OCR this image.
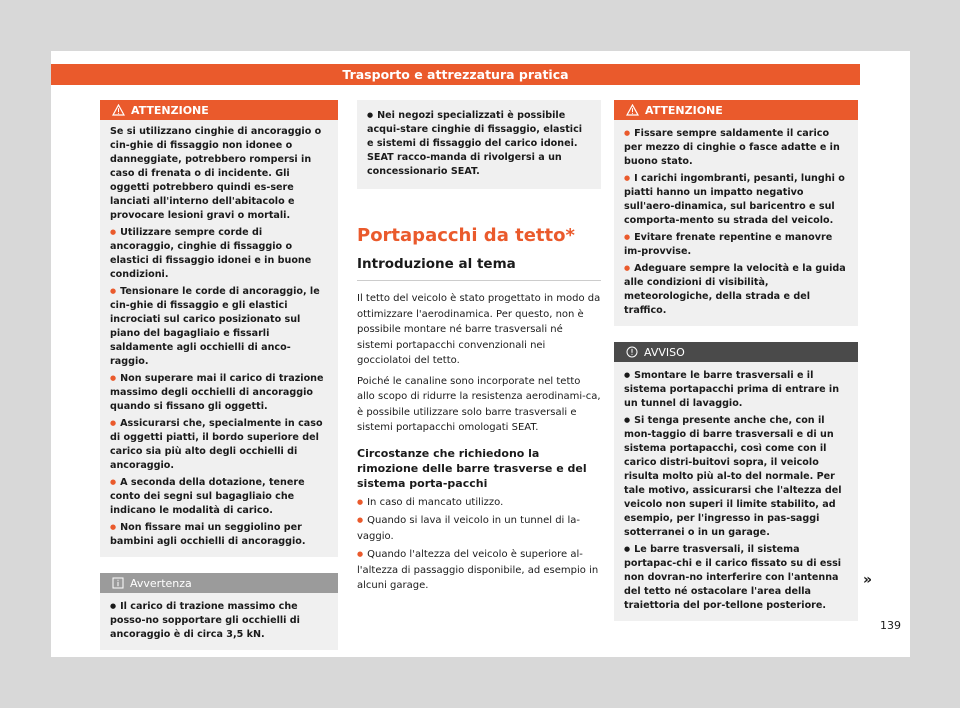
Trasporto e attrezzatura pratica
ATTENZIONE

Se si utilizzano cinghie di ancoraggio o cin-ghie di fissaggio non idonee o danneggiate, potrebbero rompersi in caso di frenata o di incidente. Gli oggetti potrebbero quindi es-sere lanciati all'interno dell'abitacolo e provocare lesioni gravi o mortali.

● Utilizzare sempre corde di ancoraggio, cinghie di fissaggio o elastici di fissaggio idonei e in buone condizioni.

● Tensionare le corde di ancoraggio, le cin-ghie di fissaggio e gli elastici incrociati sul carico posizionato sul piano del bagagliaio e fissarli saldamente agli occhielli di anco-raggio.

● Non superare mai il carico di trazione massimo degli occhielli di ancoraggio quando si fissano gli oggetti.

● Assicurarsi che, specialmente in caso di oggetti piatti, il bordo superiore del carico sia più alto degli occhielli di ancoraggio.

● A seconda della dotazione, tenere conto dei segni sul bagagliaio che indicano le modalità di carico.

● Non fissare mai un seggiolino per bambini agli occhielli di ancoraggio.

Avvertenza

● Il carico di trazione massimo che posso-no sopportare gli occhielli di ancoraggio è di circa 3,5 kN.

● Nei negozi specializzati è possibile acqui-stare cinghie di fissaggio, elastici e sistemi di fissaggio del carico idonei. SEAT racco-manda di rivolgersi a un concessionario SEAT.

Portapacchi da tetto*
Introduzione al tema

Il tetto del veicolo è stato progettato in modo da ottimizzare l'aerodinamica. Per questo, non è possibile montare né barre trasversali né sistemi portapacchi convenzionali nei gocciolatoi del tetto.

Poiché le canaline sono incorporate nel tetto allo scopo di ridurre la resistenza aerodinami-ca, è possibile utilizzare solo barre trasversali e sistemi portapacchi omologati SEAT.

Circostanze che richiedono la rimozione delle barre trasverse e del sistema porta-pacchi

● In caso di mancato utilizzo.

● Quando si lava il veicolo in un tunnel di la-vaggio.

● Quando l'altezza del veicolo è superiore al-l'altezza di passaggio disponibile, ad esempio in alcuni garage.

ATTENZIONE

● Fissare sempre saldamente il carico per mezzo di cinghie o fasce adatte e in buono stato.

● I carichi ingombranti, pesanti, lunghi o piatti hanno un impatto negativo sull'aero-dinamica, sul baricentro e sul comporta-mento su strada del veicolo.

● Evitare frenate repentine e manovre im-provvise.

● Adeguare sempre la velocità e la guida alle condizioni di visibilità, meteorologiche, della strada e del traffico.

AVVISO

● Smontare le barre trasversali e il sistema portapacchi prima di entrare in un tunnel di lavaggio.

● Si tenga presente anche che, con il mon-taggio di barre trasversali e di un sistema portapacchi, così come con il carico distri-buitovi sopra, il veicolo risulta molto più al-to del normale. Per tale motivo, assicurarsi che l'altezza del veicolo non superi il limite stabilito, ad esempio, per l'ingresso in pas-saggi sotterranei o in un garage.

● Le barre trasversali, il sistema portapac-chi e il carico fissato su di essi non dovran-no interferire con l'antenna del tetto né ostacolare l'area della traiettoria del por-tellone posteriore.

»
139
